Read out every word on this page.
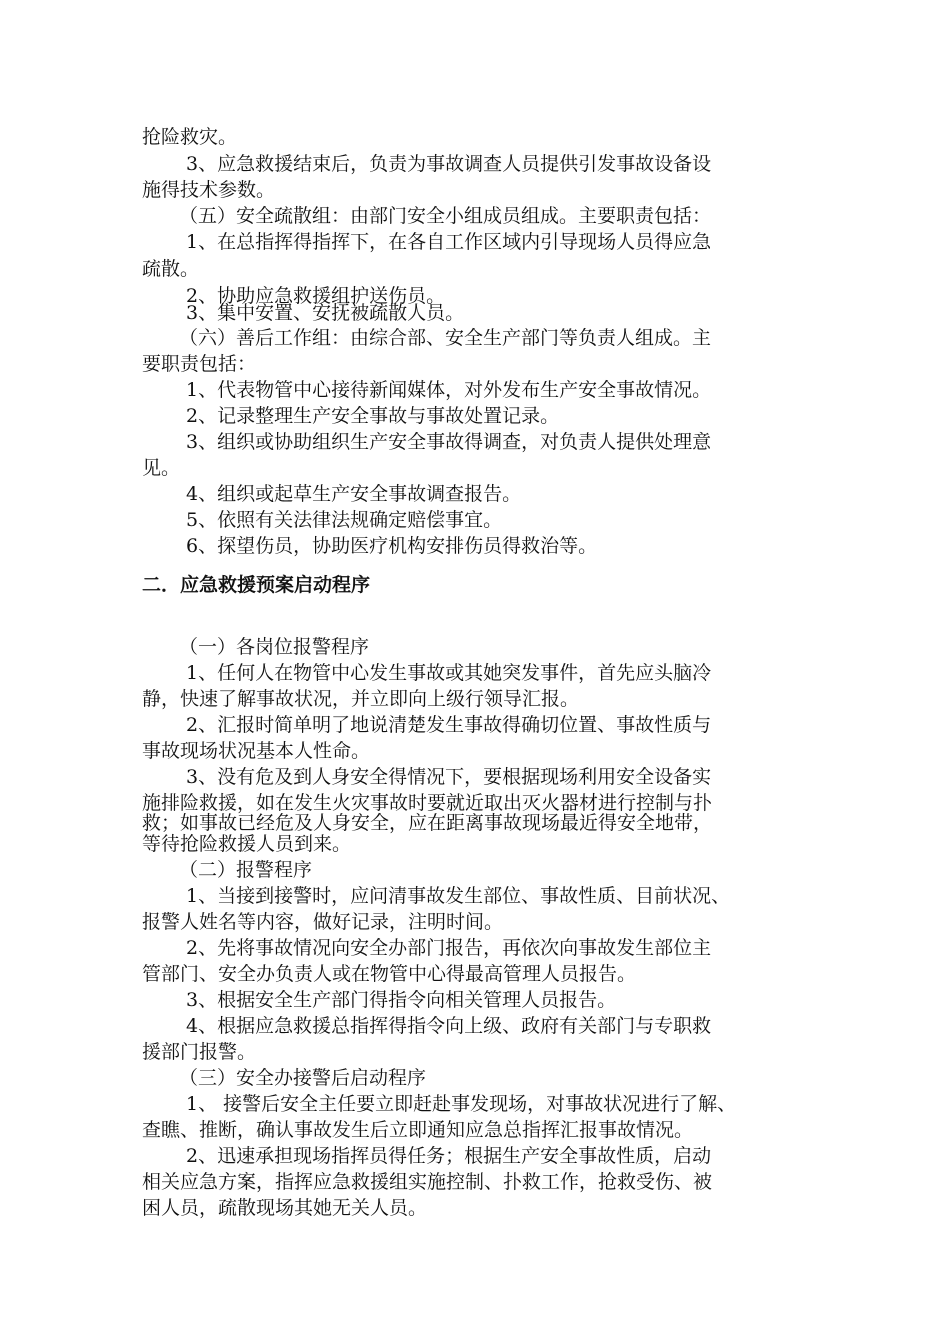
抢险救灾。
3、应急救援结束后，负责为事故调查人员提供引发事故设备设
施得技术参数。
（五）安全疏散组：由部门安全小组成员组成。主要职责包括：
1、在总指挥得指挥下，在各自工作区域内引导现场人员得应急
疏散。
2、协助应急救援组护送伤员。
3、集中安置、安抚被疏散人员。
（六）善后工作组：由综合部、安全生产部门等负责人组成。主
要职责包括：
1、代表物管中心接待新闻媒体，对外发布生产安全事故情况。
2、记录整理生产安全事故与事故处置记录。
3、组织或协助组织生产安全事故得调查，对负责人提供处理意
见。
4、组织或起草生产安全事故调查报告。
5、依照有关法律法规确定赔偿事宜。
6、探望伤员，协助医疗机构安排伤员得救治等。
二．应急救援预案启动程序
（一）各岗位报警程序
1、任何人在物管中心发生事故或其她突发事件，首先应头脑冷
静，快速了解事故状况，并立即向上级行领导汇报。
2、汇报时简单明了地说清楚发生事故得确切位置、事故性质与
事故现场状况基本人性命。
3、没有危及到人身安全得情况下，要根据现场利用安全设备实
施排险救援，如在发生火灾事故时要就近取出灭火器材进行控制与扑
救；如事故已经危及人身安全，应在距离事故现场最近得安全地带，
等待抢险救援人员到来。
（二）报警程序
1、当接到接警时，应问清事故发生部位、事故性质、目前状况、
报警人姓名等内容，做好记录，注明时间。
2、先将事故情况向安全办部门报告，再依次向事故发生部位主
管部门、安全办负责人或在物管中心得最高管理人员报告。
3、根据安全生产部门得指令向相关管理人员报告。
4、根据应急救援总指挥得指令向上级、政府有关部门与专职救
援部门报警。
（三）安全办接警后启动程序
1、 接警后安全主任要立即赶赴事发现场，对事故状况进行了解、
查瞧、推断，确认事故发生后立即通知应急总指挥汇报事故情况。
2、迅速承担现场指挥员得任务；根据生产安全事故性质，启动
相关应急方案，指挥应急救援组实施控制、扑救工作，抢救受伤、被
困人员，疏散现场其她无关人员。
